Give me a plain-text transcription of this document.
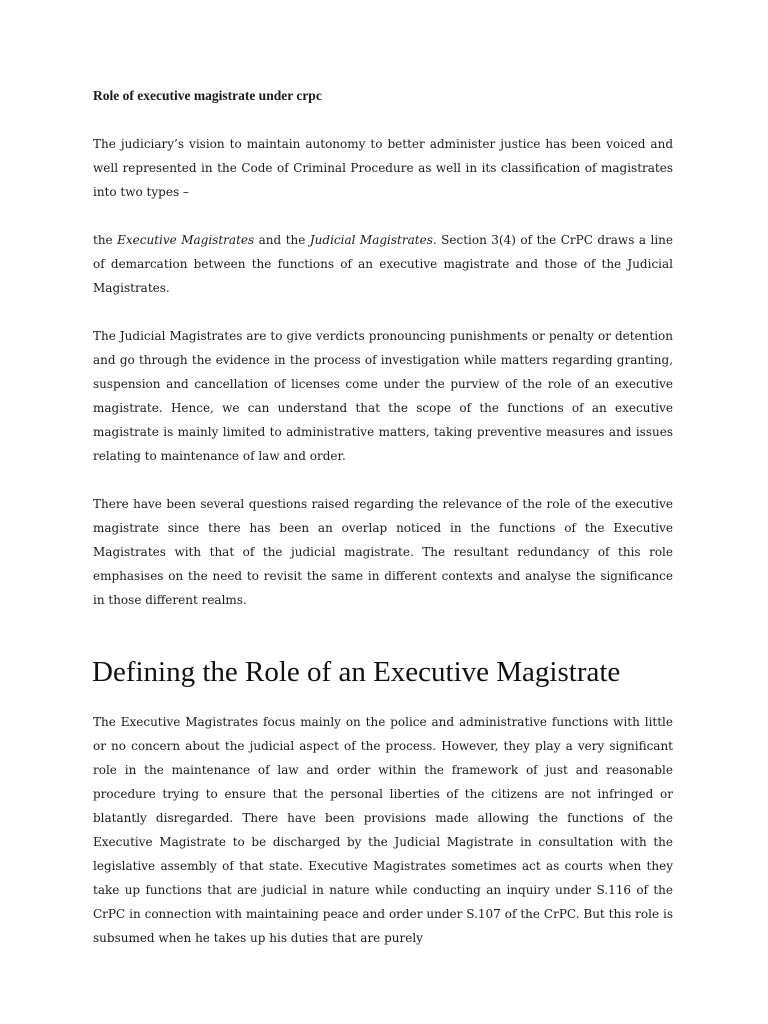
Role of executive magistrate under crpc

The judiciary’s vision to maintain autonomy to better administer justice has been voiced and well represented in the Code of Criminal Procedure as well in its classification of magistrates into two types –

the Executive Magistrates and the Judicial Magistrates. Section 3(4) of the CrPC draws a line of demarcation between the functions of an executive magistrate and those of the Judicial Magistrates.

The Judicial Magistrates are to give verdicts pronouncing punishments or penalty or detention and go through the evidence in the process of investigation while matters regarding granting, suspension and cancellation of licenses come under the purview of the role of an executive magistrate. Hence, we can understand that the scope of the functions of an executive magistrate is mainly limited to administrative matters, taking preventive measures and issues relating to maintenance of law and order.

There have been several questions raised regarding the relevance of the role of the executive magistrate since there has been an overlap noticed in the functions of the Executive Magistrates with that of the judicial magistrate. The resultant redundancy of this role emphasises on the need to revisit the same in different contexts and analyse the significance in those different realms.

Defining the Role of an Executive Magistrate

The Executive Magistrates focus mainly on the police and administrative functions with little or no concern about the judicial aspect of the process. However, they play a very significant role in the maintenance of law and order within the framework of just and reasonable procedure trying to ensure that the personal liberties of the citizens are not infringed or blatantly disregarded. There have been provisions made allowing the functions of the Executive Magistrate to be discharged by the Judicial Magistrate in consultation with the legislative assembly of that state. Executive Magistrates sometimes act as courts when they take up functions that are judicial in nature while conducting an inquiry under S.116 of the CrPC in connection with maintaining peace and order under S.107 of the CrPC. But this role is subsumed when he takes up his duties that are purely
